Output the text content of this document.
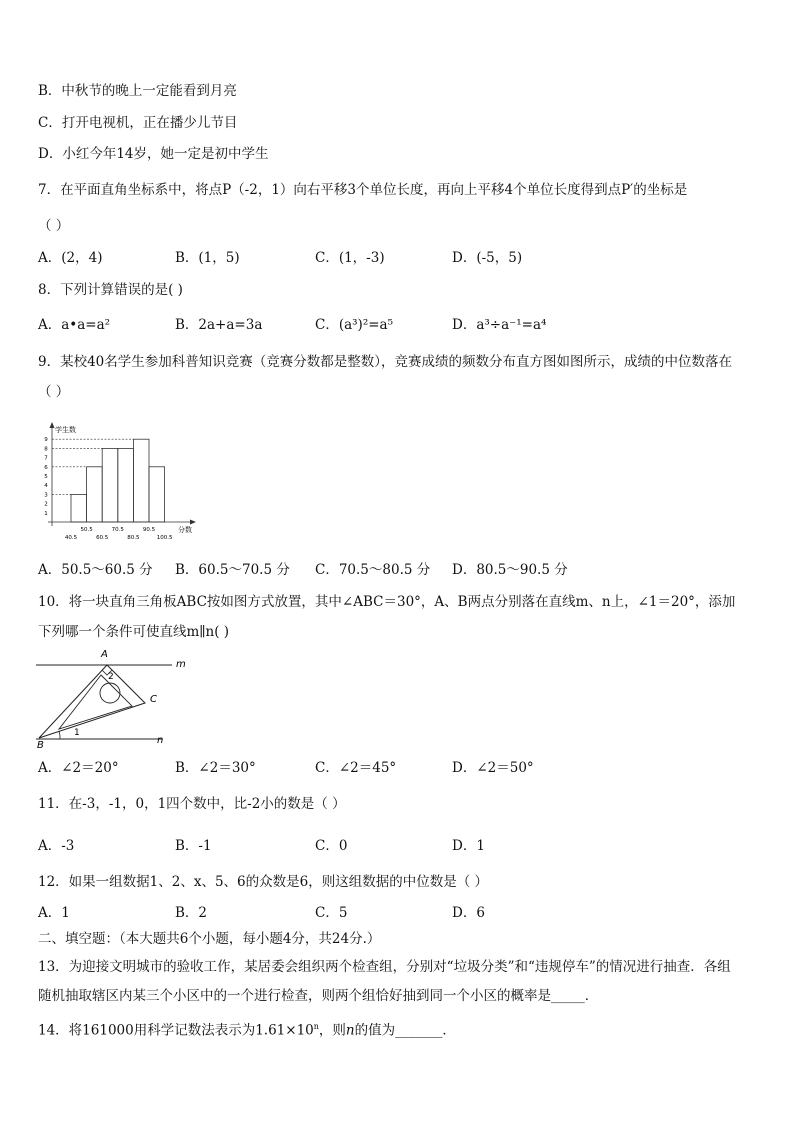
B．中秋节的晚上一定能看到月亮
C．打开电视机，正在播少儿节目
D．小红今年14岁，她一定是初中学生
7．在平面直角坐标系中，将点P（-2，1）向右平移3个单位长度，再向上平移4个单位长度得到点P′的坐标是
（ ）
A．(2，4)	B．(1，5)	C．(1，-3)	D．(-5，5)
8．下列计算错误的是( )
A．a•a=a²	B．2a+a=3a	C．(a³)²=a⁵	D．a³÷a⁻¹=a⁴
9．某校40名学生参加科普知识竞赛（竞赛分数都是整数），竞赛成绩的频数分布直方图如图所示，成绩的中位数落在
（ ）
学生数
分数
1
2
3
4
5
6
7
8
9
40.5
50.5
60.5
70.5
80.5
90.5
100.5
A．50.5～60.5 分 B．60.5～70.5 分 C．70.5～80.5 分 D．80.5～90.5 分
10．将一块直角三角板ABC按如图方式放置，其中∠ABC＝30°，A、B两点分别落在直线m、n上，∠1＝20°，添加
下列哪一个条件可使直线m∥n( )
A
C
B
m
n
1
2
A．∠2＝20°	B．∠2＝30°	C．∠2＝45°	D．∠2＝50°
11．在-3，-1，0，1四个数中，比-2小的数是（ ）
A．-3	B．-1	C．0	D．1
12．如果一组数据1、2、x、5、6的众数是6，则这组数据的中位数是（ ）
A．1	B．2	C．5	D．6
二、填空题：（本大题共6个小题，每小题4分，共24分.）
13．为迎接文明城市的验收工作，某居委会组织两个检查组，分别对“垃圾分类”和“违规停车”的情况进行抽查．各组
随机抽取辖区内某三个小区中的一个进行检查，则两个组恰好抽到同一个小区的概率是_____．
14．将161000用科学记数法表示为$1.61\times 10^n$，则n的值为_______．
